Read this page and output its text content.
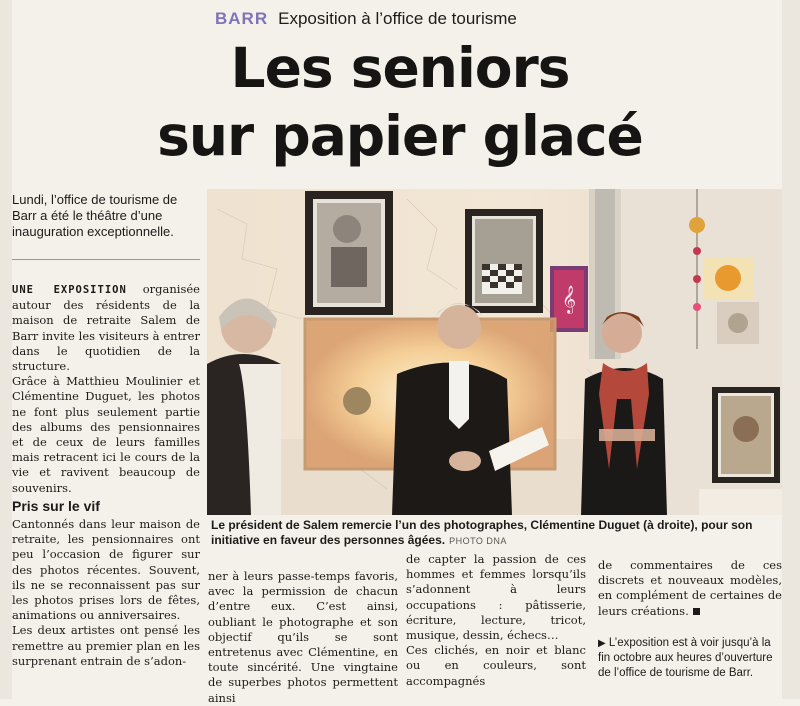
BARR Exposition à l’office de tourisme
Les seniors
sur papier glacé
Lundi, l’office de tourisme de Barr a été le théâtre d’une inauguration exceptionnelle.

UNE EXPOSITION organisée autour des résidents de la maison de retraite Salem de Barr invite les visiteurs à entrer dans le quotidien de la structure.

Grâce à Matthieu Moulinier et Clémentine Duguet, les photos ne font plus seulement partie des albums des pensionnaires et de ceux de leurs familles mais retracent ici le cours de la vie et ravivent beaucoup de souvenirs.

Pris sur le vif

Cantonnés dans leur maison de retraite, les pensionnaires ont peu l’occasion de figurer sur des photos récentes. Souvent, ils ne se reconnaissent pas sur les photos prises lors de fêtes, animations ou anniversaires.

Les deux artistes ont pensé les remettre au premier plan en les surprenant entrain de s’adon-

ner à leurs passe-temps favoris, avec la permission de chacun d’entre eux. C’est ainsi, oubliant le photographe et son objectif qu’ils se sont entretenus avec Clémentine, en toute sincérité. Une vingtaine de superbes photos permettent ainsi

de capter la passion de ces hommes et femmes lorsqu’ils s’adonnent à leurs occupations : pâtisserie, écriture, lecture, tricot, musique, dessin, échecs…

Ces clichés, en noir et blanc ou en couleurs, sont accompagnés

de commentaires de ces discrets et nouveaux modèles, en complément de certaines de leurs créations.

▶ L’exposition est à voir jusqu’à la fin octobre aux heures d’ouverture de l’office de tourisme de Barr.
𝄞
Le président de Salem remercie l’un des photographes, Clémentine Duguet (à droite), pour son initiative en faveur des personnes âgées. PHOTO DNA
